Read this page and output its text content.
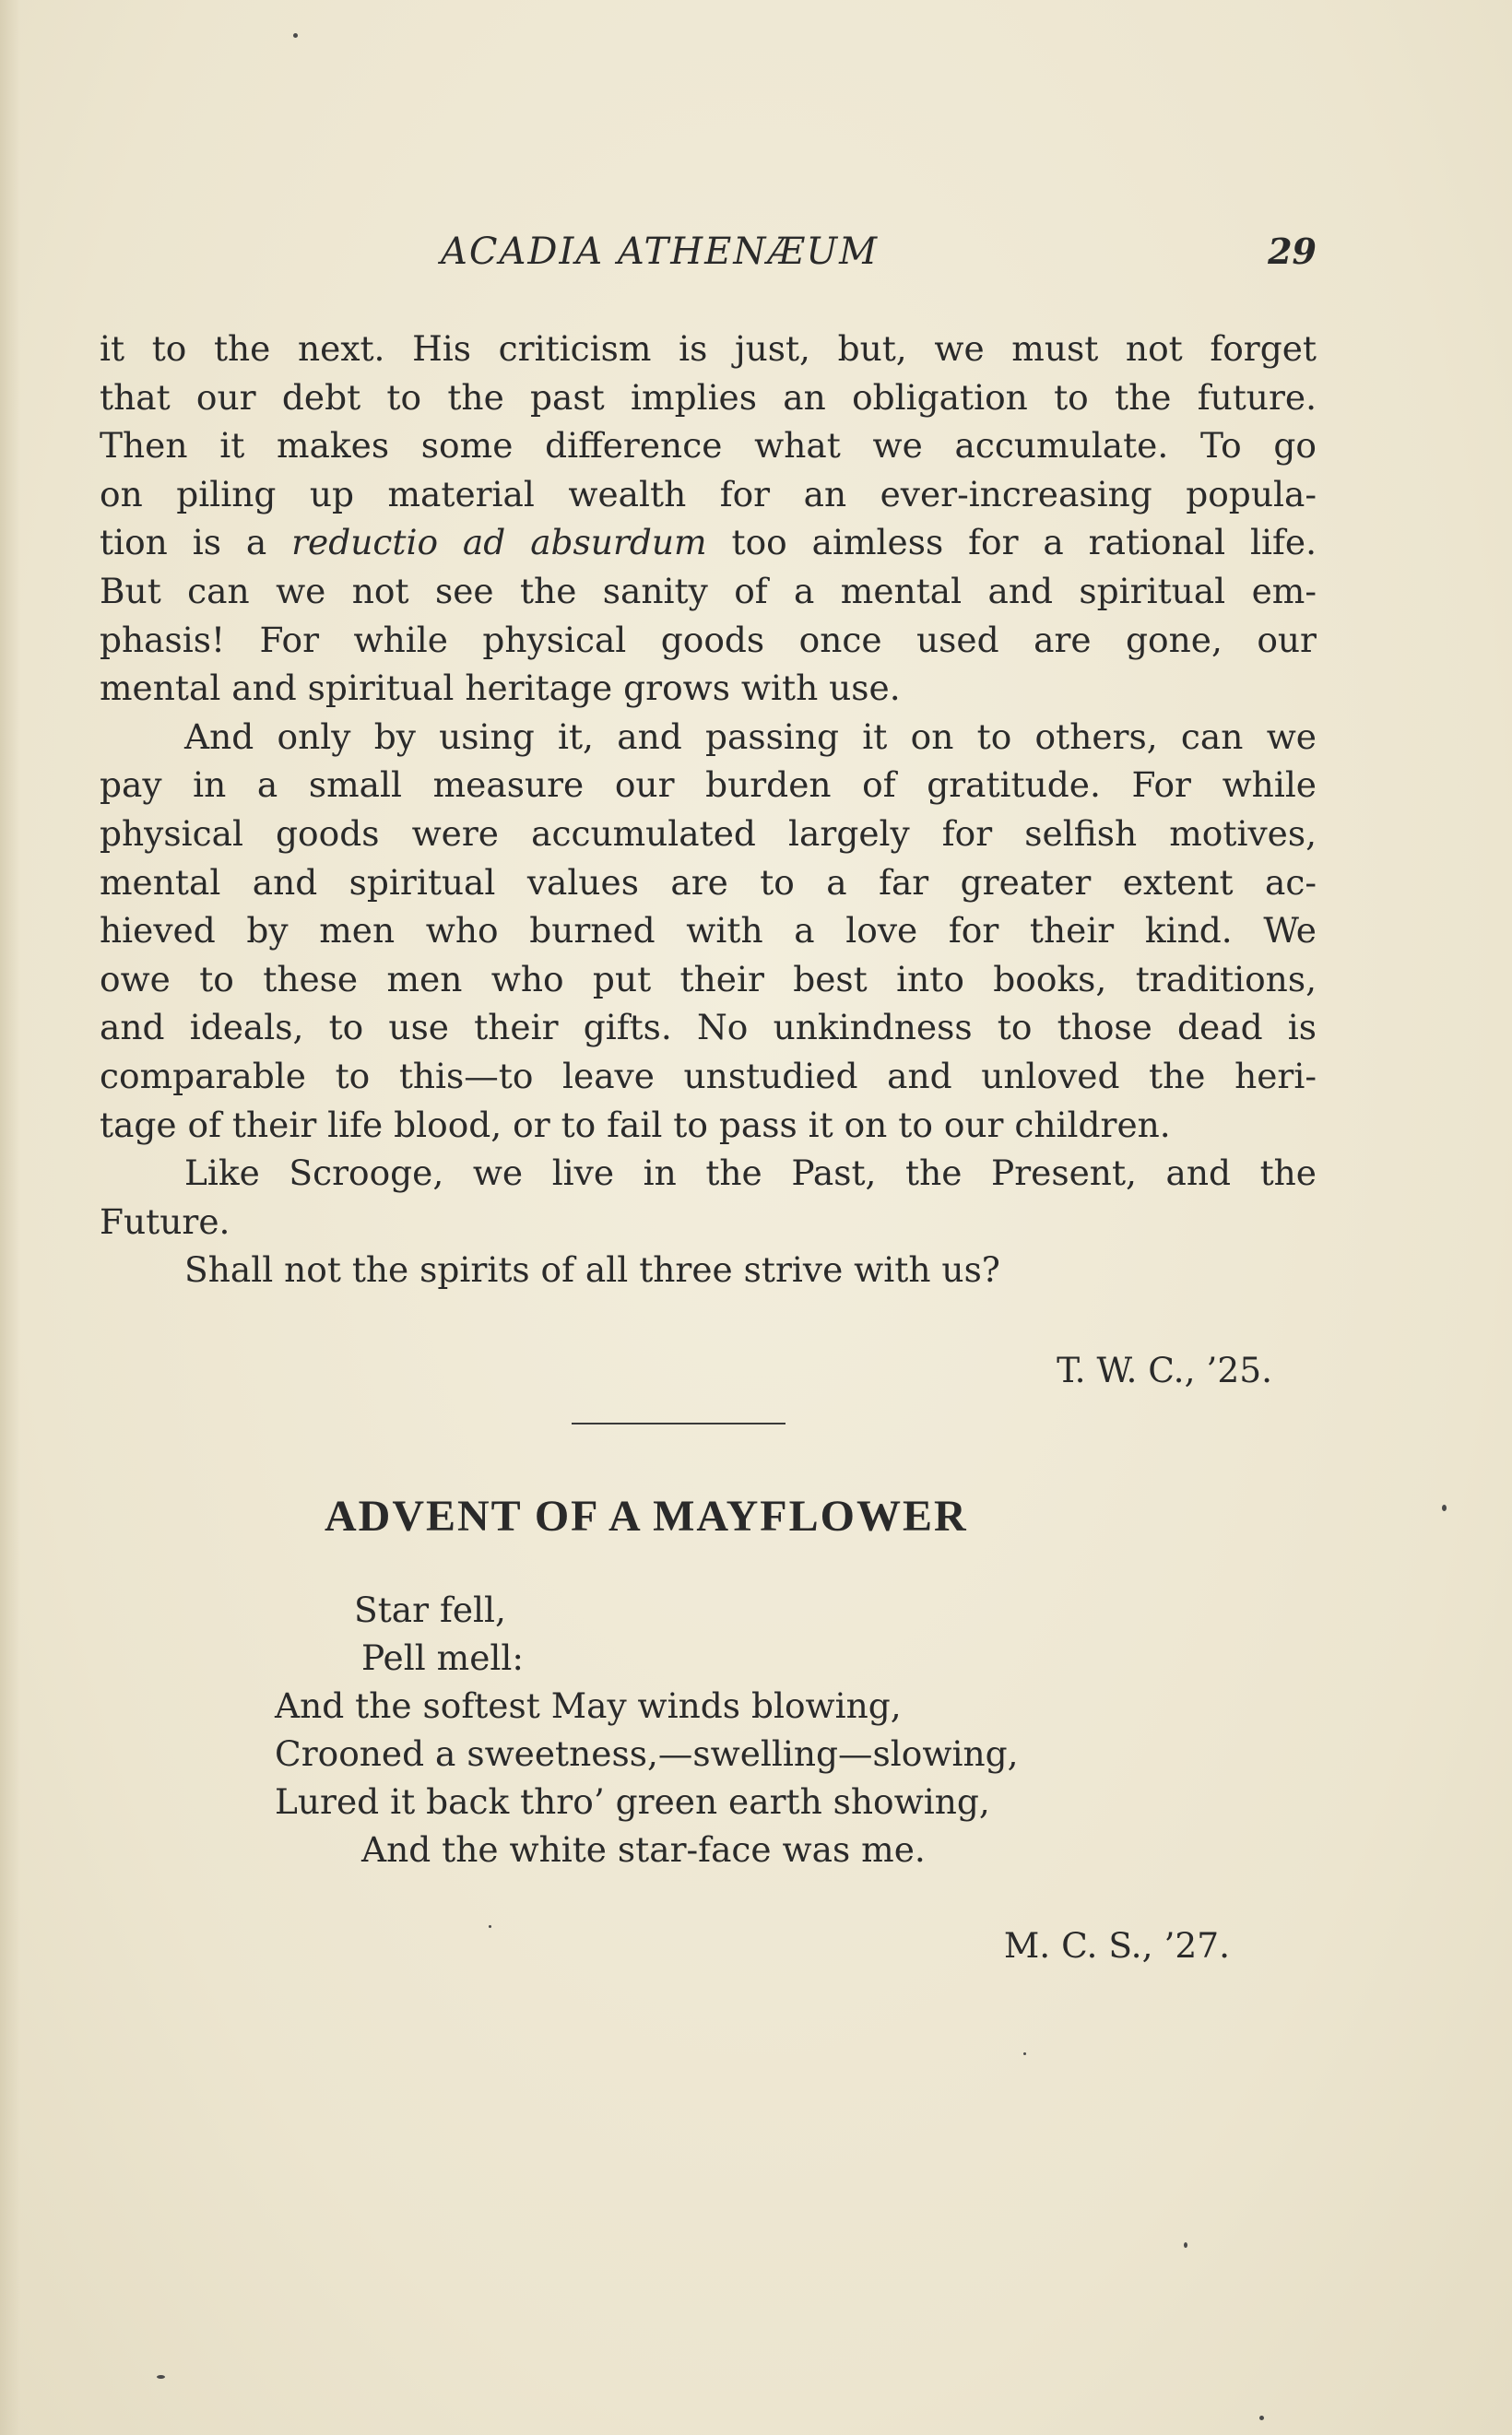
ACADIA ATHENÆUM	29
it to the next. His criticism is just, but, we must not forget
that our debt to the past implies an obligation to the future.
Then it makes some difference what we accumulate. To go
on piling up material wealth for an ever-increasing popula-
tion is a reductio ad absurdum too aimless for a rational life.
But can we not see the sanity of a mental and spiritual em-
phasis! For while physical goods once used are gone, our
mental and spiritual heritage grows with use.
And only by using it, and passing it on to others, can we
pay in a small measure our burden of gratitude. For while
physical goods were accumulated largely for selfish motives,
mental and spiritual values are to a far greater extent ac-
hieved by men who burned with a love for their kind. We
owe to these men who put their best into books, traditions,
and ideals, to use their gifts. No unkindness to those dead is
comparable to this—to leave unstudied and unloved the heri-
tage of their life blood, or to fail to pass it on to our children.
Like Scrooge, we live in the Past, the Present, and the
Future.
Shall not the spirits of all three strive with us?
T. W. C., ’25.
ADVENT OF A MAYFLOWER
Star fell,
Pell mell:
And the softest May winds blowing,
Crooned a sweetness,—swelling—slowing,
Lured it back thro’ green earth showing,
And the white star-face was me.
M. C. S., ’27.
